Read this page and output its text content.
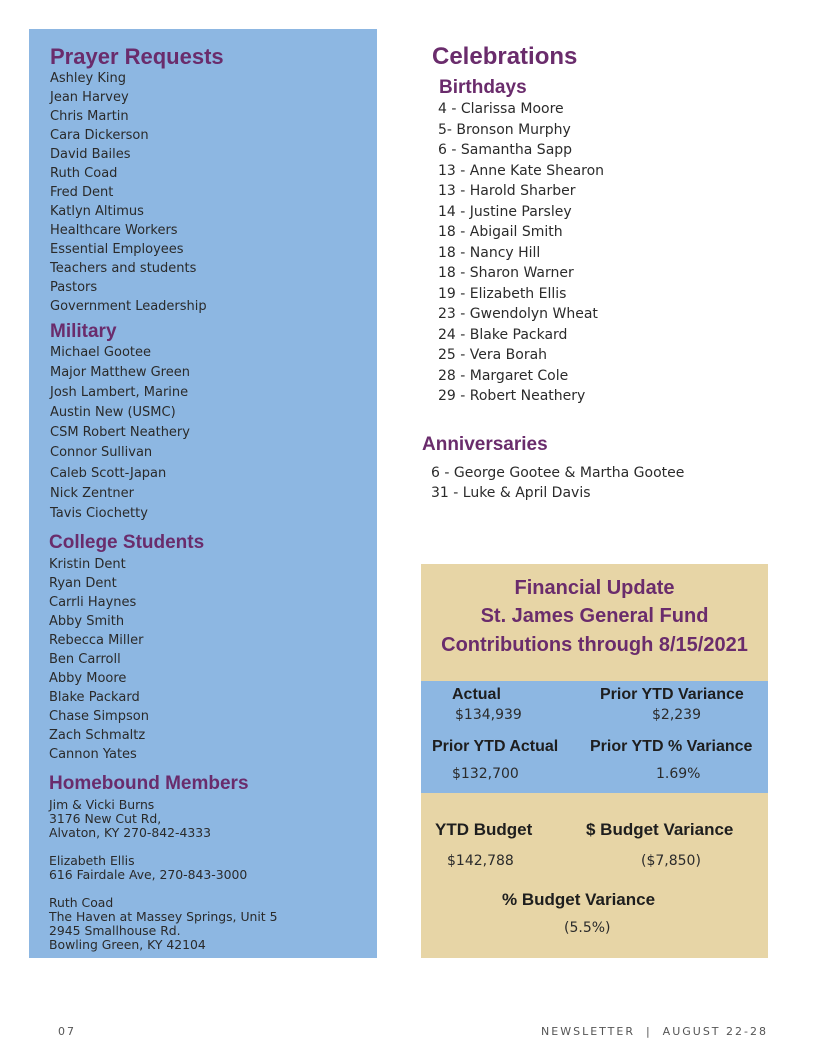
Prayer Requests
Ashley King
Jean Harvey
Chris Martin
Cara Dickerson
David Bailes
Ruth Coad
Fred Dent
Katlyn Altimus
Healthcare Workers
Essential Employees
Teachers and students
Pastors
Government Leadership
Military
Michael Gootee
Major Matthew Green
Josh Lambert, Marine
Austin New (USMC)
CSM Robert Neathery
Connor Sullivan
Caleb Scott-Japan
Nick Zentner
Tavis Ciochetty
College Students
Kristin Dent
Ryan Dent
Carrli Haynes
Abby Smith
Rebecca Miller
Ben Carroll
Abby Moore
Blake Packard
Chase Simpson
Zach Schmaltz
Cannon Yates
Homebound Members
Jim & Vicki Burns
3176 New Cut Rd,
Alvaton, KY 270-842-4333
Elizabeth Ellis
616 Fairdale Ave, 270-843-3000
Ruth Coad
The Haven at Massey Springs, Unit 5
2945 Smallhouse Rd.
Bowling Green, KY 42104
Celebrations
Birthdays
4 - Clarissa Moore
5- Bronson Murphy
6 - Samantha Sapp
13 - Anne Kate Shearon
13 - Harold Sharber
14 - Justine Parsley
18 - Abigail Smith
18 - Nancy Hill
18 - Sharon Warner
19 - Elizabeth Ellis
23 - Gwendolyn Wheat
24 - Blake Packard
25 - Vera Borah
28 - Margaret Cole
29 - Robert Neathery
Anniversaries
6 - George Gootee & Martha Gootee
31 - Luke & April Davis

Financial Update

St. James General Fund

Contributions through 8/15/2021

Actual
$134,939
Prior YTD Variance
$2,239
Prior YTD Actual
$132,700
Prior YTD % Variance
1.69%
YTD Budget
$142,788
$ Budget Variance
($7,850)
% Budget Variance
(5.5%)
07	NEWSLETTER  |  AUGUST 22-28
